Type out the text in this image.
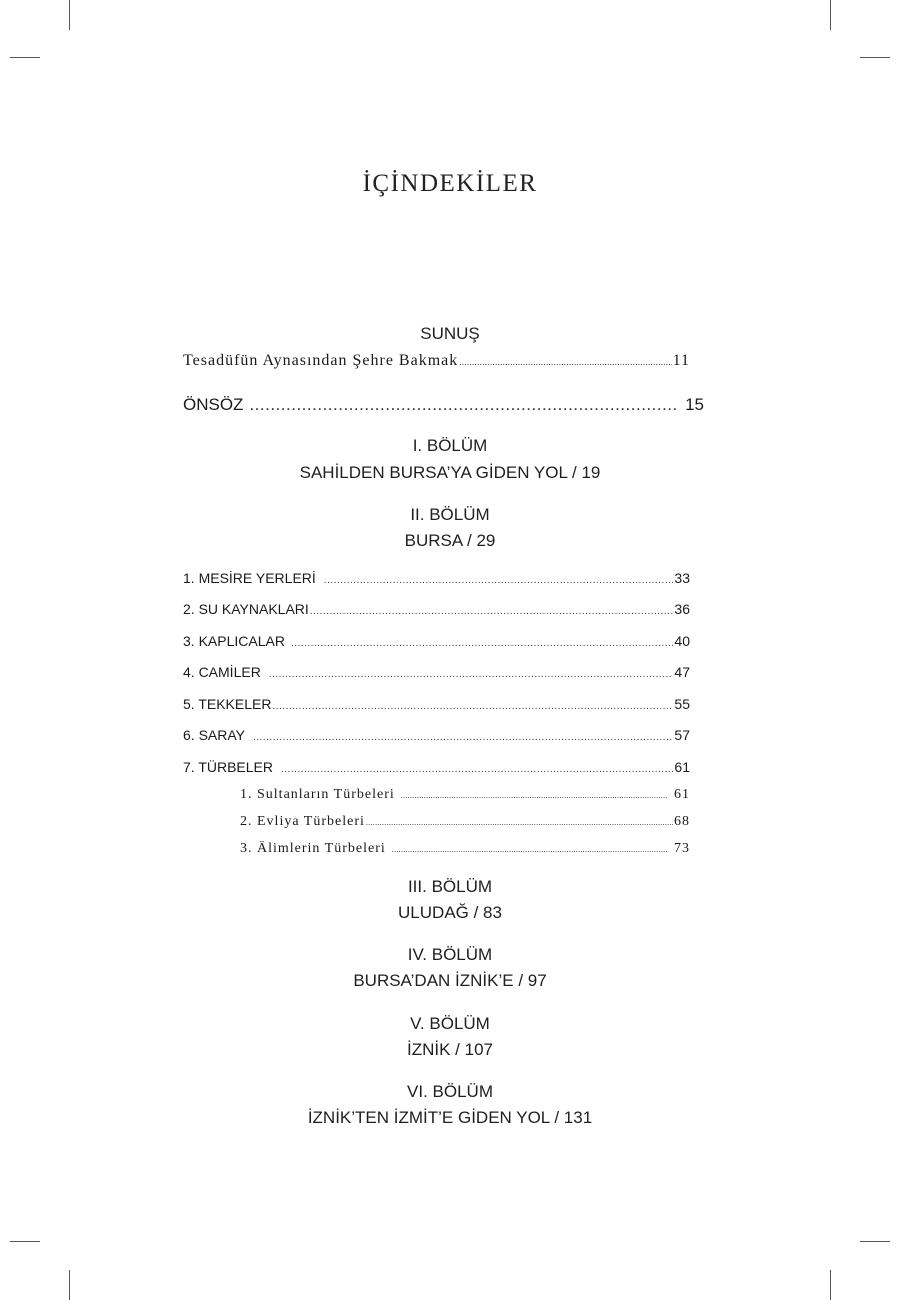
İÇİNDEKİLER
SUNUŞ
Tesadüfün Aynasından Şehre Bakmak .....	11
ÖNSÖZ .....	15
I. BÖLÜM
SAHİLDEN BURSA’YA GİDEN YOL / 19
II. BÖLÜM
BURSA / 29
1. MESİRE YERLERİ .....	33
2. SU KAYNAKLARI .....	36
3. KAPLICALAR .....	40
4. CAMİLER .....	47
5. TEKKELER .....	55
6. SARAY .....	57
7. TÜRBELER .....	61
1. Sultanların Türbeleri .....	61
2. Evliya Türbeleri .....	68
3. Âlimlerin Türbeleri .....	73
III. BÖLÜM
ULUDAĞ / 83
IV. BÖLÜM
BURSA’DAN İZNİK’E / 97
V. BÖLÜM
İZNİK / 107
VI. BÖLÜM
İZNİK’TEN İZMİT’E GİDEN YOL / 131
